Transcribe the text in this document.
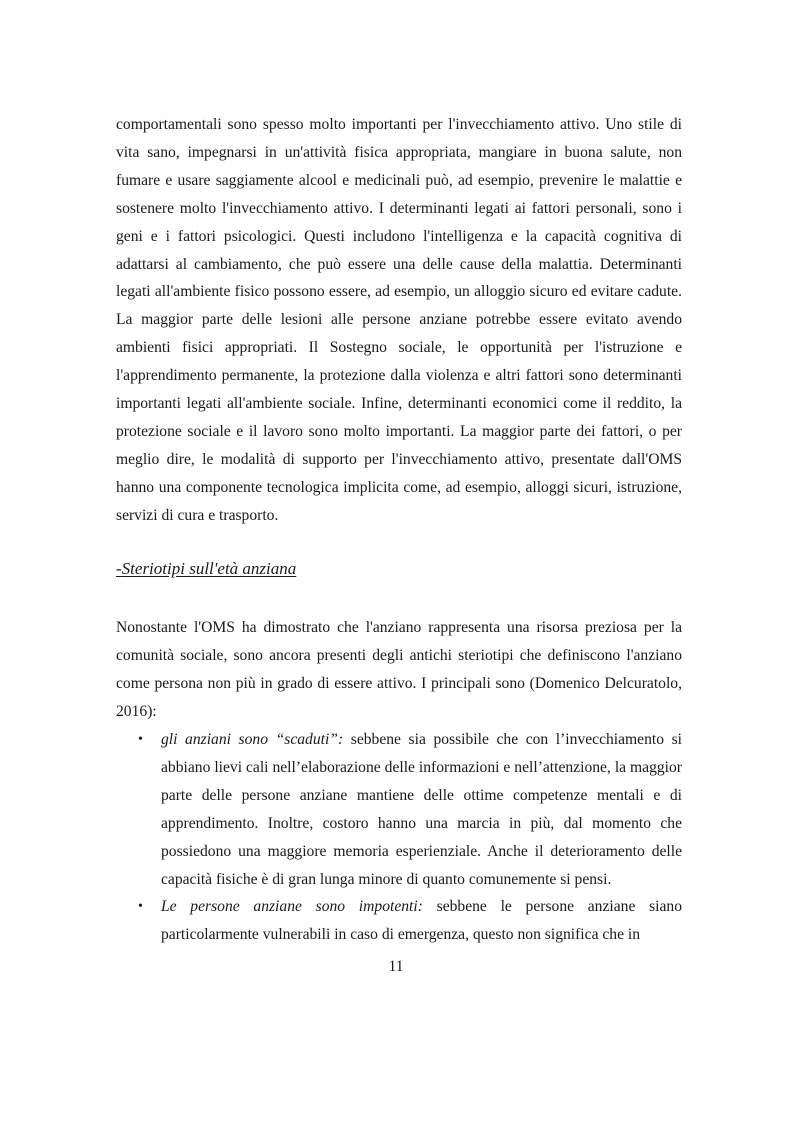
comportamentali sono spesso molto importanti per l'invecchiamento attivo. Uno stile di vita sano, impegnarsi in un'attività fisica appropriata, mangiare in buona salute, non fumare e usare saggiamente alcool e medicinali può, ad esempio, prevenire le malattie e sostenere molto l'invecchiamento attivo. I determinanti legati ai fattori personali, sono i geni e i fattori psicologici. Questi includono l'intelligenza e la capacità cognitiva di adattarsi al cambiamento, che può essere una delle cause della malattia. Determinanti legati all'ambiente fisico possono essere, ad esempio, un alloggio sicuro ed evitare cadute. La maggior parte delle lesioni alle persone anziane potrebbe essere evitato avendo ambienti fisici appropriati. Il Sostegno sociale, le opportunità per l'istruzione e l'apprendimento permanente, la protezione dalla violenza e altri fattori sono determinanti importanti legati all'ambiente sociale. Infine, determinanti economici come il reddito, la protezione sociale e il lavoro sono molto importanti. La maggior parte dei fattori, o per meglio dire, le modalità di supporto per l'invecchiamento attivo, presentate dall'OMS hanno una componente tecnologica implicita come, ad esempio, alloggi sicuri, istruzione, servizi di cura e trasporto.

-Steriotipi sull'età anziana

Nonostante l'OMS ha dimostrato che l'anziano rappresenta una risorsa preziosa per la comunità sociale, sono ancora presenti degli antichi steriotipi che definiscono l'anziano come persona non più in grado di essere attivo. I principali sono (Domenico Delcuratolo, 2016):

• gli anziani sono “scaduti”: sebbene sia possibile che con l’invecchiamento si abbiano lievi cali nell’elaborazione delle informazioni e nell’attenzione, la maggior parte delle persone anziane mantiene delle ottime competenze mentali e di apprendimento. Inoltre, costoro hanno una marcia in più, dal momento che possiedono una maggiore memoria esperienziale. Anche il deterioramento delle capacità fisiche è di gran lunga minore di quanto comunemente si pensi.
• Le persone anziane sono impotenti: sebbene le persone anziane siano particolarmente vulnerabili in caso di emergenza, questo non significa che in
11
